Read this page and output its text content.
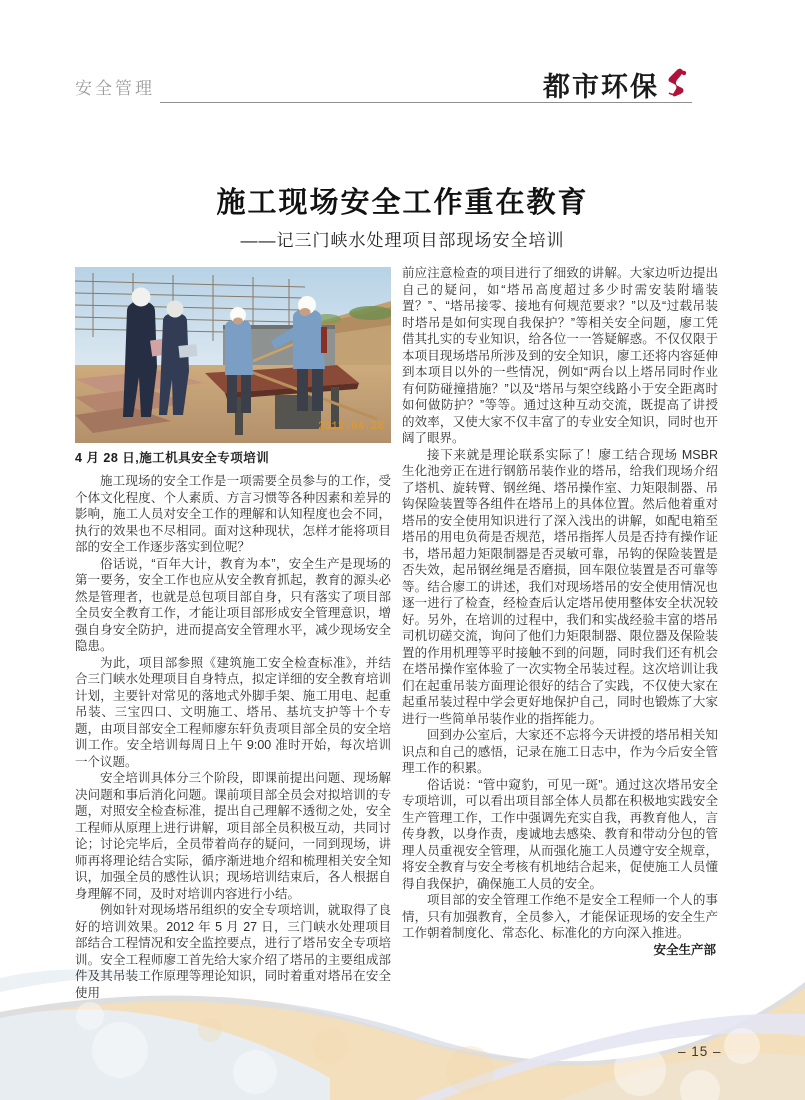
安全管理	都市环保
施工现场安全工作重在教育
——记三门峡水处理项目部现场安全培训
2012.04.28
4 月 28 日,施工机具安全专项培训

施工现场的安全工作是一项需要全员参与的工作，受个体文化程度、个人素质、方言习惯等各种因素和差异的影响，施工人员对安全工作的理解和认知程度也会不同，执行的效果也不尽相同。面对这种现状，怎样才能将项目部的安全工作逐步落实到位呢？

俗话说，“百年大计，教育为本”，安全生产是现场的第一要务，安全工作也应从安全教育抓起，教育的源头必然是管理者，也就是总包项目部自身，只有落实了项目部全员安全教育工作，才能让项目部形成安全管理意识，增强自身安全防护，进而提高安全管理水平，减少现场安全隐患。

为此，项目部参照《建筑施工安全检查标准》，并结合三门峡水处理项目自身特点，拟定详细的安全教育培训计划，主要针对常见的落地式外脚手架、施工用电、起重吊装、三宝四口、文明施工、塔吊、基坑支护等十个专题，由项目部安全工程师廖东轩负责项目部全员的安全培训工作。安全培训每周日上午 9:00 准时开始，每次培训一个议题。

安全培训具体分三个阶段，即课前提出问题、现场解决问题和事后消化问题。课前项目部全员会对拟培训的专题，对照安全检查标准，提出自己理解不透彻之处，安全工程师从原理上进行讲解，项目部全员积极互动，共同讨论；讨论完毕后，全员带着尚存的疑问，一同到现场，讲师再将理论结合实际，循序渐进地介绍和梳理相关安全知识，加强全员的感性认识；现场培训结束后，各人根据自身理解不同，及时对培训内容进行小结。

例如针对现场塔吊组织的安全专项培训，就取得了良好的培训效果。2012 年 5 月 27 日，三门峡水处理项目部结合工程情况和安全监控要点，进行了塔吊安全专项培训。安全工程师廖工首先给大家介绍了塔吊的主要组成部件及其吊装工作原理等理论知识，同时着重对塔吊在安全使用

前应注意检查的项目进行了细致的讲解。大家边听边提出自己的疑问，如“塔吊高度超过多少时需安装附墙装置？”、“塔吊接零、接地有何规范要求？”以及“过载吊装时塔吊是如何实现自我保护？”等相关安全问题，廖工凭借其扎实的专业知识，给各位一一答疑解惑。不仅仅限于本项目现场塔吊所涉及到的安全知识，廖工还将内容延伸到本项目以外的一些情况，例如“两台以上塔吊同时作业有何防碰撞措施？”以及“塔吊与架空线路小于安全距离时如何做防护？”等等。通过这种互动交流，既提高了讲授的效率，又使大家不仅丰富了的专业安全知识，同时也开阔了眼界。

接下来就是理论联系实际了！廖工结合现场 MSBR 生化池旁正在进行钢筋吊装作业的塔吊，给我们现场介绍了塔机、旋转臂、钢丝绳、塔吊操作室、力矩限制器、吊钩保险装置等各组件在塔吊上的具体位置。然后他着重对塔吊的安全使用知识进行了深入浅出的讲解，如配电箱至塔吊的用电负荷是否规范，塔吊指挥人员是否持有操作证书，塔吊超力矩限制器是否灵敏可靠，吊钩的保险装置是否失效，起吊钢丝绳是否磨损，回车限位装置是否可靠等等。结合廖工的讲述，我们对现场塔吊的安全使用情况也逐一进行了检查，经检查后认定塔吊使用整体安全状况较好。另外，在培训的过程中，我们和实战经验丰富的塔吊司机切磋交流，询问了他们力矩限制器、限位器及保险装置的作用机理等平时接触不到的问题，同时我们还有机会在塔吊操作室体验了一次实物全吊装过程。这次培训让我们在起重吊装方面理论很好的结合了实践，不仅使大家在起重吊装过程中学会更好地保护自己，同时也锻炼了大家进行一些简单吊装作业的指挥能力。

回到办公室后，大家还不忘将今天讲授的塔吊相关知识点和自己的感悟，记录在施工日志中，作为今后安全管理工作的积累。

俗话说：“管中窥豹，可见一斑”。通过这次塔吊安全专项培训，可以看出项目部全体人员都在积极地实践安全生产管理工作，工作中强调先充实自我，再教育他人，言传身教，以身作责，虔诚地去感染、教育和带动分包的管理人员重视安全管理，从而强化施工人员遵守安全规章，将安全教育与安全考核有机地结合起来，促使施工人员懂得自我保护，确保施工人员的安全。

项目部的安全管理工作绝不是安全工程师一个人的事情，只有加强教育，全员参入，才能保证现场的安全生产工作朝着制度化、常态化、标准化的方向深入推进。

安全生产部

– 15 –
